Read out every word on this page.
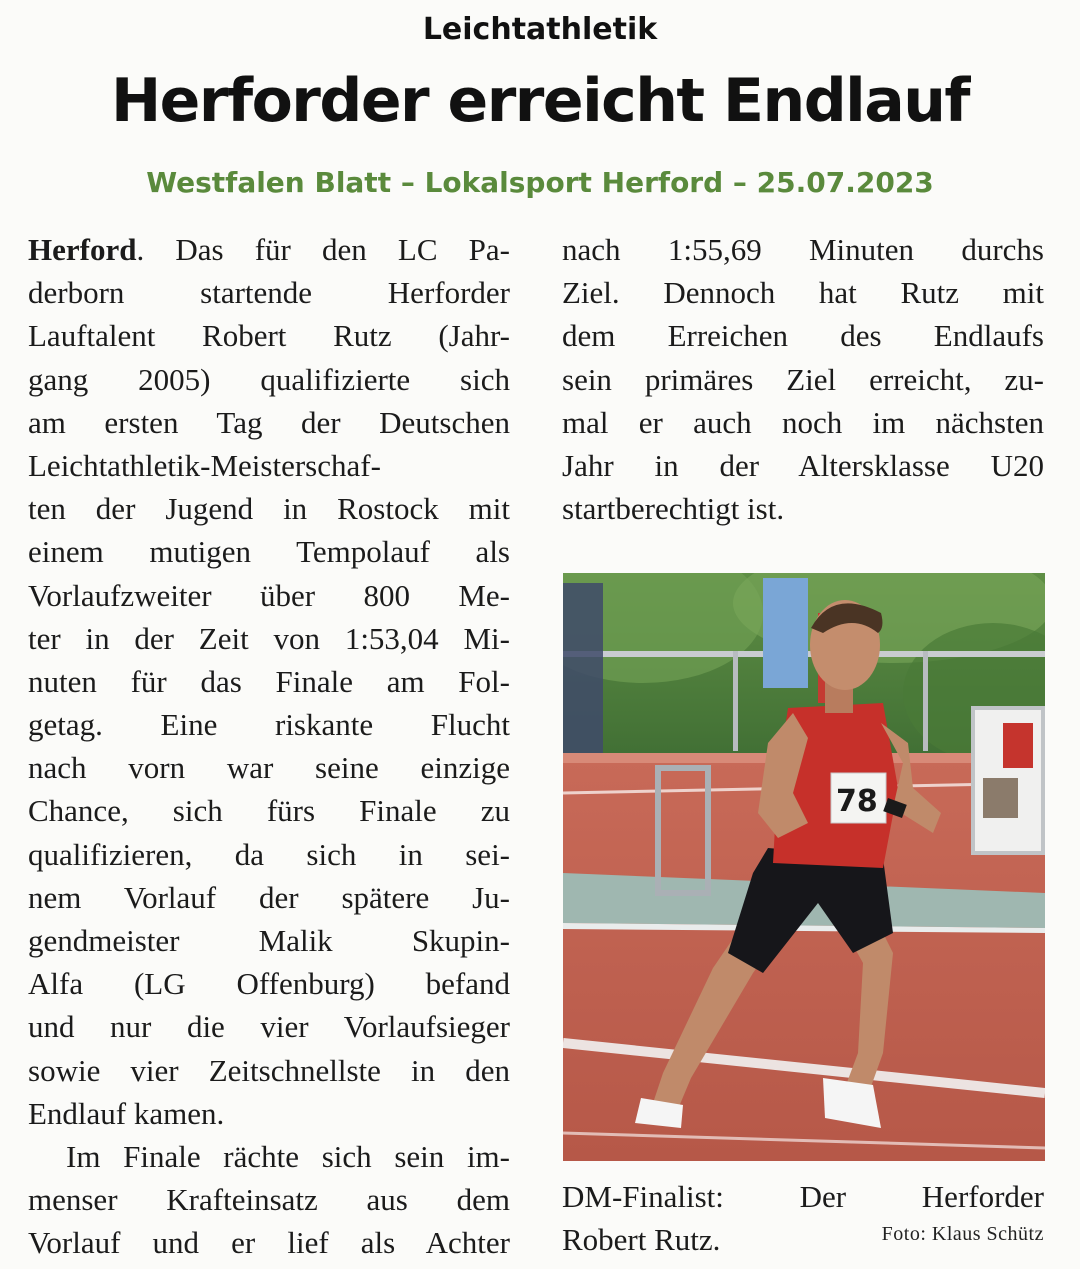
Leichtathletik
Herforder erreicht Endlauf
Westfalen Blatt – Lokalsport Herford – 25.07.2023
Herford. Das für den LC Pa-
derborn startende Herforder
Lauftalent Robert Rutz (Jahr-
gang 2005) qualifizierte sich
am ersten Tag der Deutschen
Leichtathletik-Meisterschaf-
ten der Jugend in Rostock mit
einem mutigen Tempolauf als
Vorlaufzweiter über 800 Me-
ter in der Zeit von 1:53,04 Mi-
nuten für das Finale am Fol-
getag. Eine riskante Flucht
nach vorn war seine einzige
Chance, sich fürs Finale zu
qualifizieren, da sich in sei-
nem Vorlauf der spätere Ju-
gendmeister Malik Skupin-
Alfa (LG Offenburg) befand
und nur die vier Vorlaufsieger
sowie vier Zeitschnellste in den
Endlauf kamen.
Im Finale rächte sich sein im-
menser Krafteinsatz aus dem
Vorlauf und er lief als Achter
nach 1:55,69 Minuten durchs
Ziel. Dennoch hat Rutz mit
dem Erreichen des Endlaufs
sein primäres Ziel erreicht, zu-
mal er auch noch im nächsten
Jahr in der Altersklasse U20
startberechtigt ist.
78
DM-Finalist: Der Herforder
Robert Rutz.	Foto: Klaus Schütz
